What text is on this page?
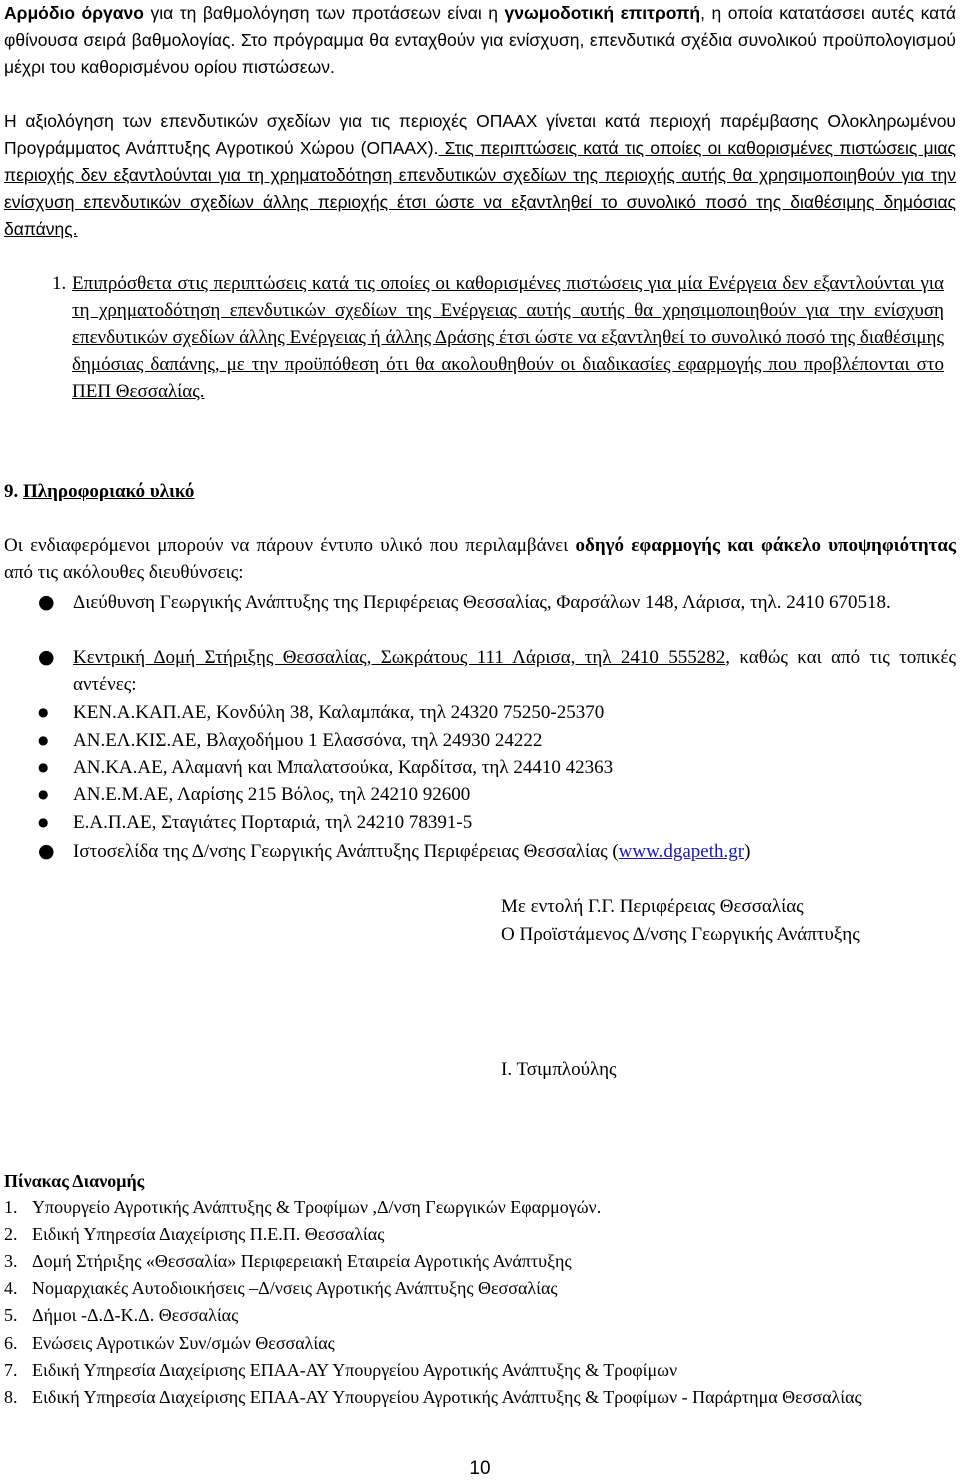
Αρμόδιο όργανο για τη βαθμολόγηση των προτάσεων είναι η γνωμοδοτική επιτροπή, η οποία κατατάσσει αυτές κατά φθίνουσα σειρά βαθμολογίας. Στο πρόγραμμα θα ενταχθούν για ενίσχυση, επενδυτικά σχέδια συνολικού προϋπολογισμού μέχρι του καθορισμένου ορίου πιστώσεων.
Η αξιολόγηση των επενδυτικών σχεδίων για τις περιοχές ΟΠΑΑΧ γίνεται κατά περιοχή παρέμβασης Ολοκληρωμένου Προγράμματος Ανάπτυξης Αγροτικού Χώρου (ΟΠΑΑΧ). Στις περιπτώσεις κατά τις οποίες οι καθορισμένες πιστώσεις μιας περιοχής δεν εξαντλούνται για τη χρηματοδότηση επενδυτικών σχεδίων της περιοχής αυτής θα χρησιμοποιηθούν για την ενίσχυση επενδυτικών σχεδίων άλλης περιοχής έτσι ώστε να εξαντληθεί το συνολικό ποσό της διαθέσιμης δημόσιας δαπάνης.
1. Επιπρόσθετα στις περιπτώσεις κατά τις οποίες οι καθορισμένες πιστώσεις για μία Ενέργεια δεν εξαντλούνται για τη χρηματοδότηση επενδυτικών σχεδίων της Ενέργειας αυτής αυτής θα χρησιμοποιηθούν για την ενίσχυση επενδυτικών σχεδίων άλλης Ενέργειας ή άλλης Δράσης έτσι ώστε να εξαντληθεί το συνολικό ποσό της διαθέσιμης δημόσιας δαπάνης, με την προϋπόθεση ότι θα ακολουθηθούν οι διαδικασίες εφαρμογής που προβλέπονται στο ΠΕΠ Θεσσαλίας.
9. Πληροφοριακό υλικό
Οι ενδιαφερόμενοι μπορούν να πάρουν έντυπο υλικό που περιλαμβάνει οδηγό εφαρμογής και φάκελο υποψηφιότητας από τις ακόλουθες διευθύνσεις:
● Διεύθυνση Γεωργικής Ανάπτυξης της Περιφέρειας Θεσσαλίας, Φαρσάλων 148, Λάρισα, τηλ. 2410 670518.
● Κεντρική Δομή Στήριξης Θεσσαλίας, Σωκράτους 111 Λάρισα, τηλ 2410 555282, καθώς και από τις τοπικές αντένες:
● ΚΕΝ.Α.ΚΑΠ.ΑΕ, Κονδύλη 38, Καλαμπάκα, τηλ 24320 75250-25370
● ΑΝ.ΕΛ.ΚΙΣ.ΑΕ, Βλαχοδήμου 1 Ελασσόνα, τηλ 24930 24222
● ΑΝ.ΚΑ.ΑΕ, Αλαμανή και Μπαλατσούκα, Καρδίτσα, τηλ 24410 42363
● ΑΝ.Ε.Μ.ΑΕ, Λαρίσης 215 Βόλος, τηλ 24210 92600
● Ε.Α.Π.ΑΕ, Σταγιάτες Πορταριά, τηλ 24210 78391-5
● Ιστοσελίδα της Δ/νσης Γεωργικής Ανάπτυξης Περιφέρειας Θεσσαλίας (www.dgapeth.gr)
Με εντολή Γ.Γ. Περιφέρειας Θεσσαλίας
Ο Προϊστάμενος Δ/νσης Γεωργικής Ανάπτυξης
Ι. Τσιμπλούλης
Πίνακας Διανομής
1. Υπουργείο Αγροτικής Ανάπτυξης & Τροφίμων ,Δ/νση Γεωργικών Εφαρμογών.
2. Ειδική Υπηρεσία Διαχείρισης Π.Ε.Π. Θεσσαλίας
3. Δομή Στήριξης «Θεσσαλία» Περιφερειακή Εταιρεία Αγροτικής Ανάπτυξης
4. Νομαρχιακές Αυτοδιοικήσεις –Δ/νσεις Αγροτικής Ανάπτυξης Θεσσαλίας
5. Δήμοι -Δ.Δ-Κ.Δ. Θεσσαλίας
6. Ενώσεις Αγροτικών Συν/σμών Θεσσαλίας
7. Ειδική Υπηρεσία Διαχείρισης ΕΠΑΑ-ΑΥ Υπουργείου Αγροτικής Ανάπτυξης & Τροφίμων
8. Ειδική Υπηρεσία Διαχείρισης ΕΠΑΑ-ΑΥ Υπουργείου Αγροτικής Ανάπτυξης & Τροφίμων - Παράρτημα Θεσσαλίας
10
